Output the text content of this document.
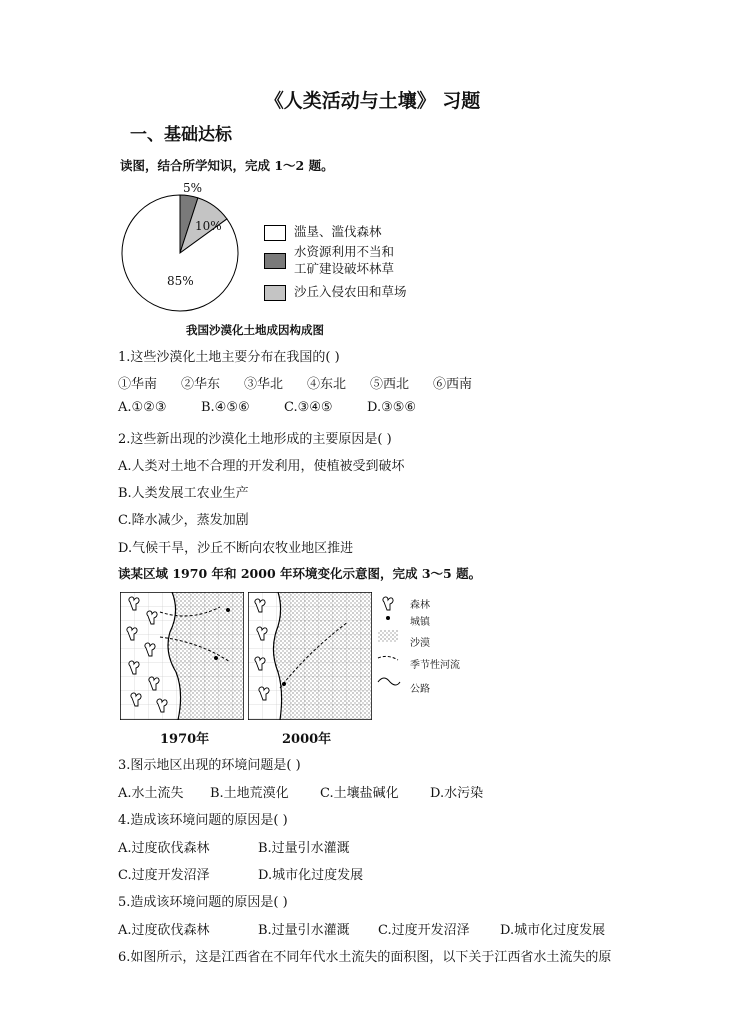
《人类活动与土壤》 习题
一、基础达标
读图，结合所学知识，完成 1～2 题。
5%
10%
85%
滥垦、滥伐森林
水资源利用不当和
工矿建设破坏林草
沙丘入侵农田和草场
我国沙漠化土地成因构成图
1.这些沙漠化土地主要分布在我国的( )
①华南 ②华东 ③华北 ④东北 ⑤西北 ⑥西南
A.①②③	B.④⑤⑥	C.③④⑤	D.③⑤⑥
2.这些新出现的沙漠化土地形成的主要原因是( )
A.人类对土地不合理的开发利用，使植被受到破坏
B.人类发展工农业生产
C.降水减少，蒸发加剧
D.气候干旱，沙丘不断向农牧业地区推进
读某区域 1970 年和 2000 年环境变化示意图，完成 3～5 题。
1970年	2000年
森林
城镇
沙漠
季节性河流
公路
3.图示地区出现的环境问题是( )
A.水土流失 B.土地荒漠化 C.土壤盐碱化 D.水污染
4.造成该环境问题的原因是( )
A.过度砍伐森林	B.过量引水灌溉
C.过度开发沼泽	D.城市化过度发展
5.造成该环境问题的原因是( )
A.过度砍伐森林	B.过量引水灌溉 C.过度开发沼泽 D.城市化过度发展
6.如图所示，这是江西省在不同年代水土流失的面积图，以下关于江西省水土流失的原
